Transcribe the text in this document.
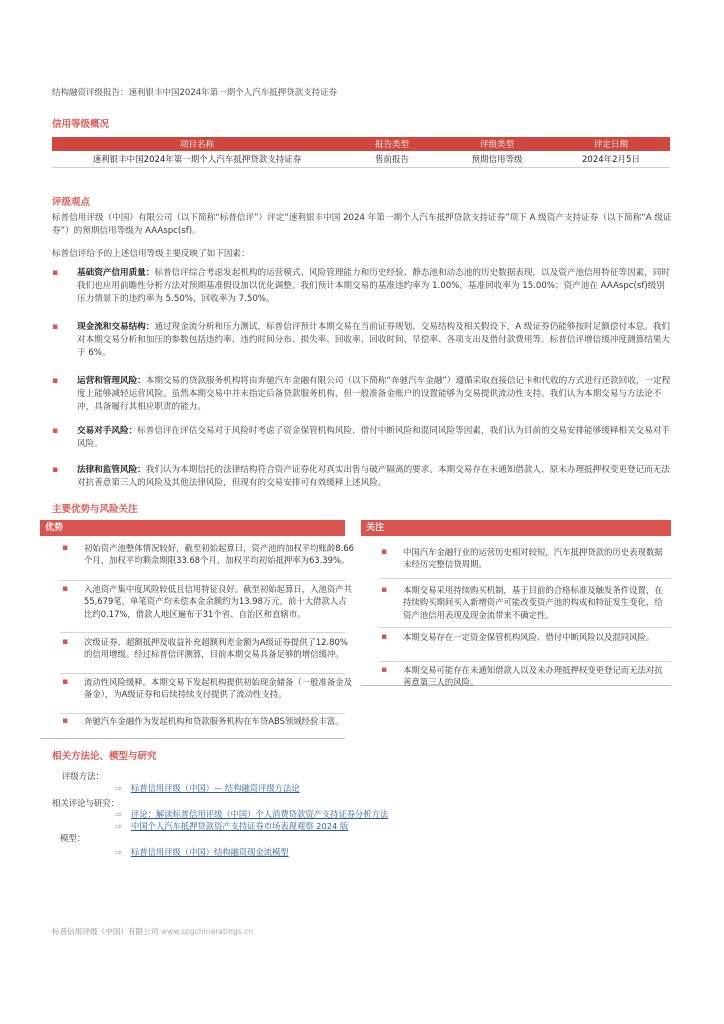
结构融资评级报告：速利银丰中国2024年第一期个人汽车抵押贷款支持证券
信用等级概况
项目名称	报告类型	评级类型	评定日期
速利银丰中国2024年第一期个人汽车抵押贷款支持证券	售前报告	预期信用等级	2024年2月5日
评级观点
标普信用评级（中国）有限公司（以下简称“标普信评”）评定“速利银丰中国 2024 年第一期个人汽车抵押贷款支持证券”项下 A 级资产支持证券（以下简称“A 级证券”）的预期信用等级为 AAAspc(sf)。
标普信评给予的上述信用等级主要反映了如下因素：
▪ 基础资产信用质量：标普信评综合考虑发起机构的运营模式、风险管理能力和历史经验、静态池和动态池的历史数据表现，以及资产池信用特征等因素，同时我们也应用前瞻性分析方法对预期基准假设加以优化调整。我们预计本期交易的基准违约率为 1.00%，基准回收率为 15.00%；资产池在 AAAspc(sf)级别压力情景下的违约率为 5.50%，回收率为 7.50%。
▪ 现金流和交易结构：通过现金流分析和压力测试，标普信评预计本期交易在当前证券规划、交易结构及相关假设下，A 级证券仍能够按时足额偿付本息。我们对本期交易分析和加压的参数包括违约率、违约时间分布、损失率、回收率、回收时间、早偿率、各项支出及借付款费用等。标普信评增信缓冲度测算结果大于 6%。
▪ 运营和管理风险：本期交易的贷款服务机构将由奔驰汽车金融有限公司（以下简称“奔驰汽车金融”）遵循采取直接信记卡和代收的方式进行还款回收，一定程度上能够减轻运营风险。虽然本期交易中并未指定后备贷款服务机构，但一般准备金账户的设置能够为交易提供流动性支持。我们认为本期交易与方法论不冲，具备履行其相应职责的能力。
▪ 交易对手风险：标普信评在评估交易对于风险时考虑了资金保管机构风险、借付中断风险和混同风险等因素，我们认为目前的交易安排能够缓释相关交易对手风险。
▪ 法律和监管风险：我们认为本期信托的法律结构符合资产证券化对真实出售与破产隔离的要求。本期交易存在未通知借款人、原未办理抵押权变更登记而无法对抗善意第三人的风险及其他法律风险，但现有的交易安排可有效缓释上述风险。
主要优势与风险关注
优势
▪ 初始资产池整体情况较好，截至初始起算日，资产池的加权平均账龄8.66个月，加权平均剩余期限33.68个月，加权平均初始抵押率为63.39%。
▪ 入池资产集中度风险较低且信用特征良好。截至初始起算日，入池资产共55,679笔，单笔资产均未偿本金余额约为13.98万元。前十大借款人占比约0.17%，借款人地区遍布于31个省、自治区和直辖市。
▪ 次级证券、超额抵押及收益补充超额利差金额为A级证券提供了12.80%的信用增级。经过标普信评测算，目前本期交易具备足够的增信缓冲。
▪ 流动性风险缓释。本期交易下发起机构提供初始现金储备（一般准备金及备金），为A级证券和后续持续支付提供了流动性支持。
▪ 奔驰汽车金融作为发起机构和贷款服务机构在车贷ABS领域经验丰富。
关注
▪ 中国汽车金融行业的运营历史相对较短，汽车抵押贷款的历史表现数据未经历完整信贷周期。
▪ 本期交易采用持续购买机制，基于目前的合格标准及触发条件设置，在持续购买期间买入新增资产可能改变资产池的构成和特征发生变化，给资产池信用表现及现金流带来不确定性。
▪ 本期交易存在一定资金保管机构风险、借付中断风险以及混同风险。
▪ 本期交易可能存在未通知借款人以及未办理抵押权变更登记而无法对抗善意第三人的风险。
相关方法论、模型与研究
评级方法：
⇨ 标普信用评级（中国）— 结构融资评级方法论
相关评论与研究：
⇨ 评论：解读标普信用评级（中国）个人消费贷款资产支持证券分析方法
⇨ 中国个人汽车抵押贷款资产支持证券市场表现观察 2024 版
模型：
⇨ 标普信用评级（中国）结构融资现金流模型
标普信用评级（中国）有限公司 www.spgchinaratings.cn
